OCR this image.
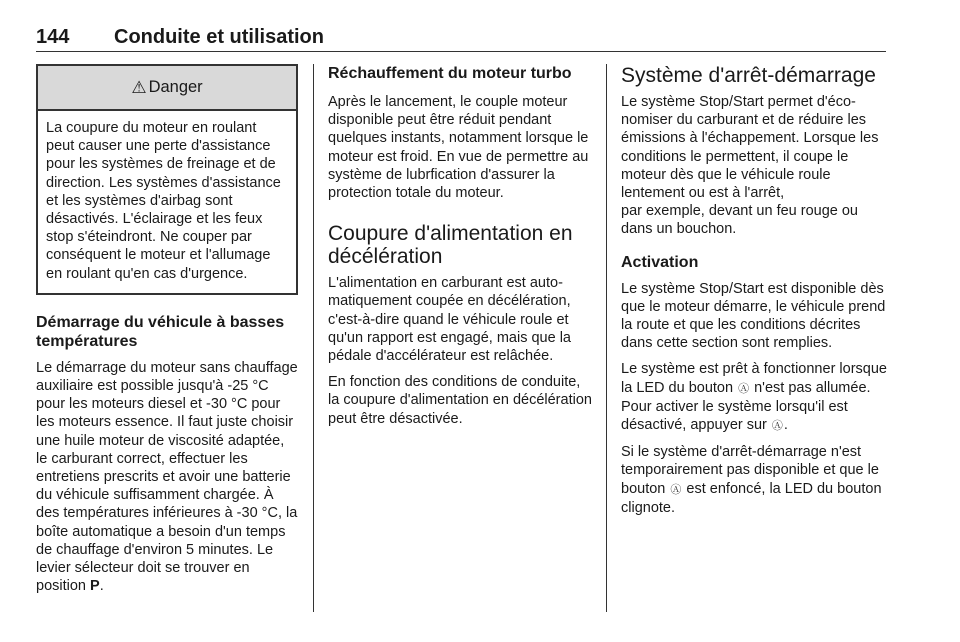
144 Conduite et utilisation
⚠ Danger
La coupure du moteur en roulant peut causer une perte d'assistance pour les systèmes de freinage et de direction. Les systèmes d'assistance et les systèmes d'airbag sont désactivés. L'éclairage et les feux stop s'éteindront. Ne couper par conséquent le moteur et l'allumage en roulant qu'en cas d'urgence.
Démarrage du véhicule à basses températures

Le démarrage du moteur sans chauffage auxiliaire est possible jusqu'à -25 °C pour les moteurs diesel et -30 °C pour les moteurs essence. Il faut juste choisir une huile moteur de viscosité adaptée, le carburant correct, effectuer les entretiens prescrits et avoir une batterie du véhicule suffisamment chargée. À des températures inférieures à -30 °C, la boîte automatique a besoin d'un temps de chauffage d'environ 5 minutes. Le levier sélecteur doit se trouver en position P.

Réchauffement du moteur turbo

Après le lancement, le couple moteur disponible peut être réduit pendant quelques instants, notamment lorsque le moteur est froid. En vue de permettre au système de lubrfication d'assurer la protection totale du moteur.

Coupure d'alimentation en décélération

L'alimentation en carburant est automatiquement coupée en décélération, c'est-à-dire quand le véhicule roule et qu'un rapport est engagé, mais que la pédale d'accélérateur est relâchée.

En fonction des conditions de conduite, la coupure d'alimentation en décélération peut être désactivée.

Système d'arrêt-démarrage

Le système Stop/Start permet d'économiser du carburant et de réduire les émissions à l'échappement. Lorsque les conditions le permettent, il coupe le moteur dès que le véhicule roule lentement ou est à l'arrêt,

par exemple, devant un feu rouge ou dans un bouchon.

Activation

Le système Stop/Start est disponible dès que le moteur démarre, le véhicule prend la route et que les conditions décrites dans cette section sont remplies.

Le système est prêt à fonctionner lorsque la LED du bouton Ⓐ n'est pas allumée. Pour activer le système lorsqu'il est désactivé, appuyer sur Ⓐ.

Si le système d'arrêt-démarrage n'est temporairement pas disponible et que le bouton Ⓐ est enfoncé, la LED du bouton clignote.
